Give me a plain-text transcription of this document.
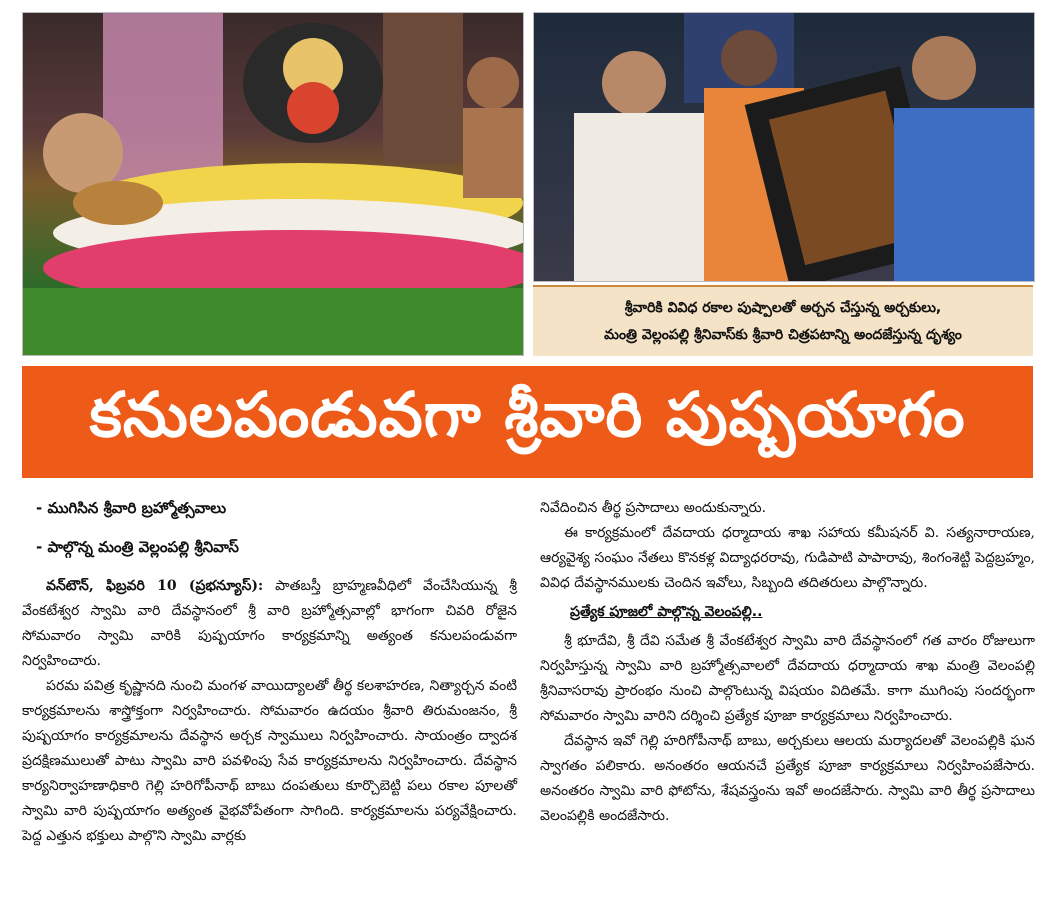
శ్రీవారికి వివిధ రకాల పుష్పాలతో అర్చన చేస్తున్న అర్చకులు,
మంత్రి వెల్లంపల్లి శ్రీనివాస్‌కు శ్రీవారి చిత్రపటాన్ని అందజేస్తున్న దృశ్యం
కనులపండువగా శ్రీవారి పుష్పయాగం
- ముగిసిన శ్రీవారి బ్రహ్మోత్సవాలు
- పాల్గొన్న మంత్రి వెల్లంపల్లి శ్రీనివాస్

వన్‌టౌన్, ఫిబ్రవరి 10 (ప్రభన్యూస్): పాతబస్తీ బ్రాహ్మణవీధిలో వేంచేసియున్న శ్రీ వేంకటేశ్వర స్వామి వారి దేవస్థానంలో శ్రీ వారి బ్రహ్మోత్సవాల్లో భాగంగా చివరి రోజైన సోమవారం స్వామి వారికి పుష్పయాగం కార్యక్రమాన్ని అత్యంత కనులపండువగా నిర్వహించారు.

పరమ పవిత్ర కృష్ణానది నుంచి మంగళ వాయిద్యాలతో తీర్థ కలశాహరణ, నిత్యార్చన వంటి కార్యక్రమాలను శాస్త్రోక్తంగా నిర్వహించారు. సోమవారం ఉదయం శ్రీవారి తిరుమంజనం, శ్రీ పుష్పయాగం కార్యక్రమాలను దేవస్థాన అర్చక స్వాములు నిర్వహించారు. సాయంత్రం ద్వాదశ ప్రదక్షిణములుతో పాటు స్వామి వారి పవళింపు సేవ కార్యక్రమాలను నిర్వహించారు. దేవస్థాన కార్యనిర్వాహణాధికారి గెల్లి హరిగోపీనాథ్ బాబు దంపతులు కూర్చొబెట్టి పలు రకాల పూలతో స్వామి వారి పుష్పయాగం అత్యంత వైభవోపేతంగా సాగింది. కార్యక్రమాలను పర్యవేక్షించారు. పెద్ద ఎత్తున భక్తులు పాల్గొని స్వామి వార్లకు

నివేదించిన తీర్థ ప్రసాదాలు అందుకున్నారు.

ఈ కార్యక్రమంలో దేవదాయ ధర్మాదాయ శాఖ సహాయ కమీషనర్ వి. సత్యనారాయణ, ఆర్యవైశ్య సంఘం నేతలు కొనకళ్ల విద్యాధరరావు, గుడిపాటి పాపారావు, శింగంశెట్టి పెద్దబ్రహ్మం, వివిధ దేవస్థానములకు చెందిన ఇవోలు, సిబ్బంది తదితరులు పాల్గొన్నారు.

ప్రత్యేక పూజలో పాల్గొన్న వెలంపల్లి..

శ్రీ భూదేవి, శ్రీ దేవి సమేత శ్రీ వేంకటేశ్వర స్వామి వారి దేవస్థానంలో గత వారం రోజులుగా నిర్వహిస్తున్న స్వామి వారి బ్రహ్మోత్సవాలలో దేవదాయ ధర్మాదాయ శాఖ మంత్రి వెలంపల్లి శ్రీనివాసరావు ప్రారంభం నుంచి పాల్గొంటున్న విషయం విదితమే. కాగా ముగింపు సందర్భంగా సోమవారం స్వామి వారిని దర్శించి ప్రత్యేక పూజా కార్యక్రమాలు నిర్వహించారు.

దేవస్థాన ఇవో గెల్లి హరిగోపీనాథ్ బాబు, అర్చకులు ఆలయ మర్యాదలతో వెలంపల్లికి ఘన స్వాగతం పలికారు. అనంతరం ఆయనచే ప్రత్యేక పూజా కార్యక్రమాలు నిర్వహింపజేసారు. అనంతరం స్వామి వారి ఫోటోను, శేషవస్త్రంను ఇవో అందజేసారు. స్వామి వారి తీర్థ ప్రసాదాలు వెలంపల్లికి అందజేసారు.
